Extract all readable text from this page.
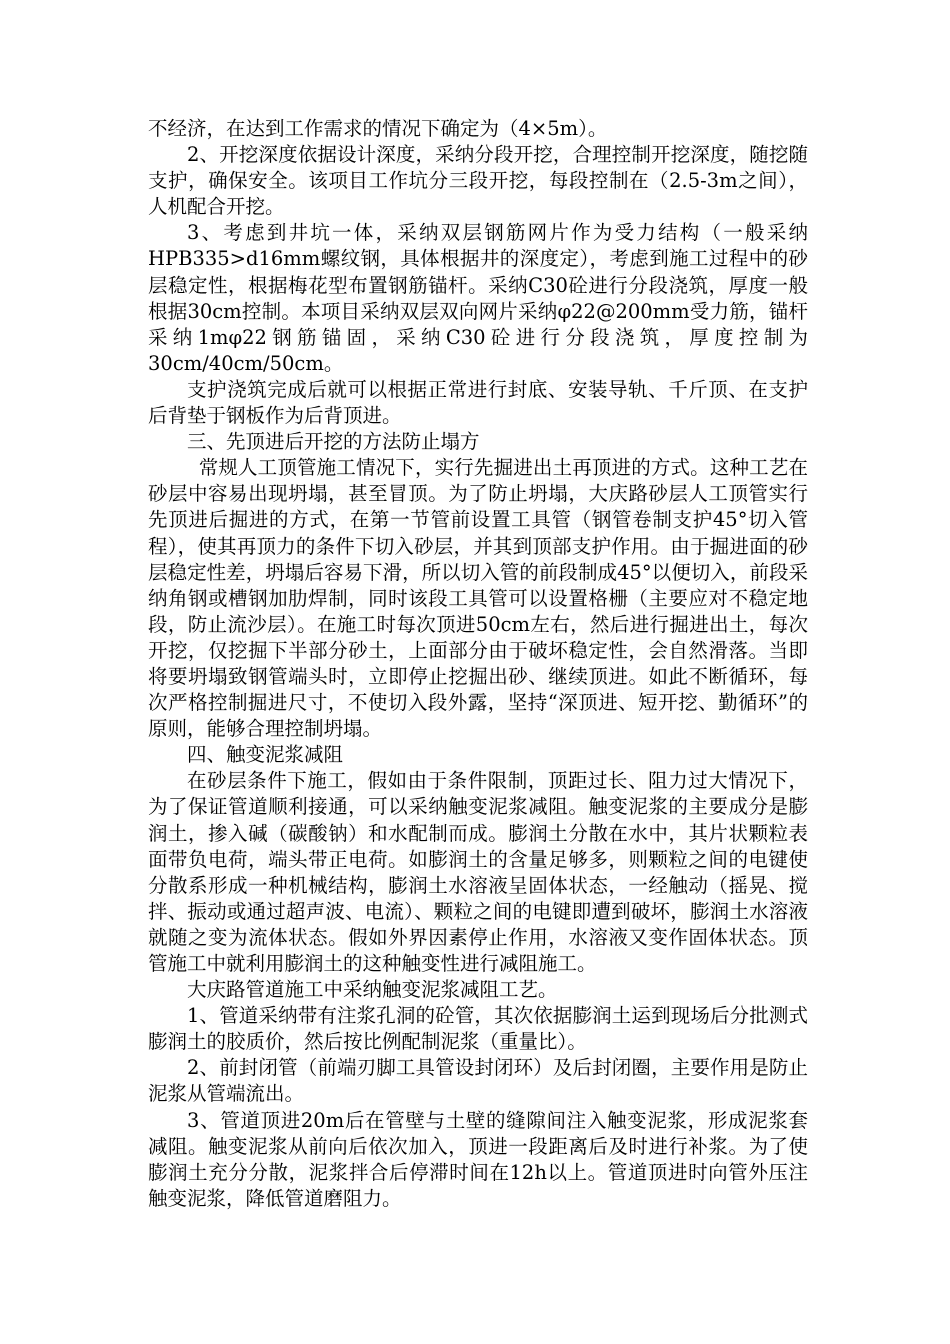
不经济，在达到工作需求的情况下确定为（4×5m）。

2、开挖深度依据设计深度，采纳分段开挖，合理控制开挖深度，随挖随支护，确保安全。该项目工作坑分三段开挖，每段控制在（2.5-3m之间），人机配合开挖。

3、考虑到井坑一体，采纳双层钢筋网片作为受力结构（一般采纳HPB335>d16mm螺纹钢，具体根据井的深度定），考虑到施工过程中的砂层稳定性，根据梅花型布置钢筋锚杆。采纳C30砼进行分段浇筑，厚度一般根据30cm控制。本项目采纳双层双向网片采纳φ22@200mm受力筋，锚杆采纳1mφ22钢筋锚固，采纳C30砼进行分段浇筑，厚度控制为30cm/40cm/50cm。

支护浇筑完成后就可以根据正常进行封底、安装导轨、千斤顶、在支护后背垫于钢板作为后背顶进。

三、先顶进后开挖的方法防止塌方

常规人工顶管施工情况下，实行先掘进出土再顶进的方式。这种工艺在砂层中容易出现坍塌，甚至冒顶。为了防止坍塌，大庆路砂层人工顶管实行先顶进后掘进的方式，在第一节管前设置工具管（钢管卷制支护45°切入管程），使其再顶力的条件下切入砂层，并其到顶部支护作用。由于掘进面的砂层稳定性差，坍塌后容易下滑，所以切入管的前段制成45°以便切入，前段采纳角钢或槽钢加肋焊制，同时该段工具管可以设置格栅（主要应对不稳定地段，防止流沙层）。在施工时每次顶进50cm左右，然后进行掘进出土，每次开挖，仅挖掘下半部分砂土，上面部分由于破坏稳定性，会自然滑落。当即将要坍塌致钢管端头时，立即停止挖掘出砂、继续顶进。如此不断循环，每次严格控制掘进尺寸，不使切入段外露，坚持“深顶进、短开挖、勤循环”的原则，能够合理控制坍塌。

四、触变泥浆减阻

在砂层条件下施工，假如由于条件限制，顶距过长、阻力过大情况下，为了保证管道顺利接通，可以采纳触变泥浆减阻。触变泥浆的主要成分是膨润土，掺入碱（碳酸钠）和水配制而成。膨润土分散在水中，其片状颗粒表面带负电荷，端头带正电荷。如膨润土的含量足够多，则颗粒之间的电键使分散系形成一种机械结构，膨润土水溶液呈固体状态，一经触动（摇晃、搅拌、振动或通过超声波、电流）、颗粒之间的电键即遭到破坏，膨润土水溶液就随之变为流体状态。假如外界因素停止作用，水溶液又变作固体状态。顶管施工中就利用膨润土的这种触变性进行减阻施工。

大庆路管道施工中采纳触变泥浆减阻工艺。

1、管道采纳带有注浆孔洞的砼管，其次依据膨润土运到现场后分批测式膨润土的胶质价，然后按比例配制泥浆（重量比）。

2、前封闭管（前端刃脚工具管设封闭环）及后封闭圈，主要作用是防止泥浆从管端流出。

3、管道顶进20m后在管壁与土壁的缝隙间注入触变泥浆，形成泥浆套减阻。触变泥浆从前向后依次加入，顶进一段距离后及时进行补浆。为了使膨润土充分分散，泥浆拌合后停滞时间在12h以上。管道顶进时向管外压注触变泥浆，降低管道磨阻力。
